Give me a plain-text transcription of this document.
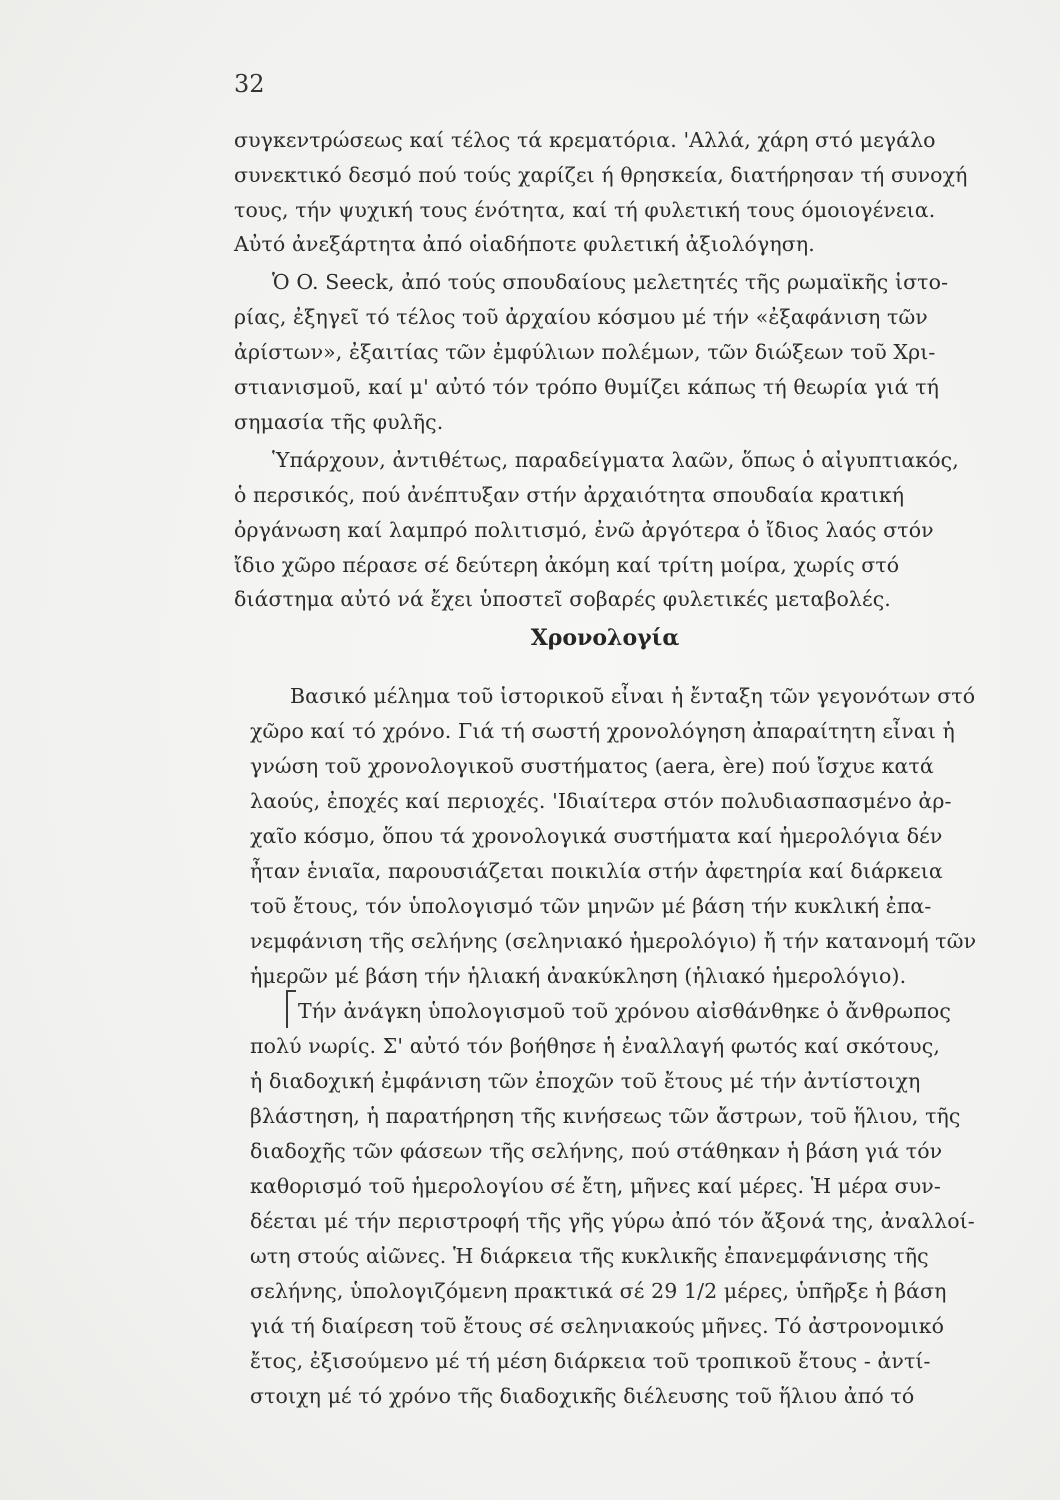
32
συγκεντρώσεως καί τέλος τά κρεματόρια. 'Αλλά, χάρη στό μεγάλο
συνεκτικό δεσμό πού τούς χαρίζει ή θρησκεία, διατήρησαν τή συνοχή
τους, τήν ψυχική τους ένότητα, καί τή φυλετική τους όμοιογένεια.
Αὐτό ἀνεξάρτητα ἀπό οἱαδήποτε φυλετική ἀξιολόγηση.
Ὁ O. Seeck, ἀπό τούς σπουδαίους μελετητές τῆς ρωμαϊκῆς ἱστο-
ρίας, ἐξηγεῖ τό τέλος τοῦ ἀρχαίου κόσμου μέ τήν «ἐξαφάνιση τῶν
ἀρίστων», ἐξαιτίας τῶν ἐμφύλιων πολέμων, τῶν διώξεων τοῦ Χρι-
στιανισμοῦ, καί μ' αὐτό τόν τρόπο θυμίζει κάπως τή θεωρία γιά τή
σημασία τῆς φυλῆς.
Ὑπάρχουν, ἀντιθέτως, παραδείγματα λαῶν, ὅπως ὁ αἰγυπτιακός,
ὁ περσικός, πού ἀνέπτυξαν στήν ἀρχαιότητα σπουδαία κρατική
ὀργάνωση καί λαμπρό πολιτισμό, ἐνῶ ἀργότερα ὁ ἴδιος λαός στόν
ἴδιο χῶρο πέρασε σέ δεύτερη ἀκόμη καί τρίτη μοίρα, χωρίς στό
διάστημα αὐτό νά ἔχει ὑποστεῖ σοβαρές φυλετικές μεταβολές.
Χρονολογία
Βασικό μέλημα τοῦ ἱστορικοῦ εἶναι ἡ ἔνταξη τῶν γεγονότων στό
χῶρο καί τό χρόνο. Γιά τή σωστή χρονολόγηση ἀπαραίτητη εἶναι ἡ
γνώση τοῦ χρονολογικοῦ συστήματος (aera, ère) πού ἴσχυε κατά
λαούς, ἐποχές καί περιοχές. 'Ιδιαίτερα στόν πολυδιασπασμένο ἀρ-
χαῖο κόσμο, ὅπου τά χρονολογικά συστήματα καί ἡμερολόγια δέν
ἦταν ἑνιαῖα, παρουσιάζεται ποικιλία στήν ἀφετηρία καί διάρκεια
τοῦ ἔτους, τόν ὑπολογισμό τῶν μηνῶν μέ βάση τήν κυκλική ἐπα-
νεμφάνιση τῆς σελήνης (σεληνιακό ἡμερολόγιο) ἤ τήν κατανομή τῶν
ἡμερῶν μέ βάση τήν ἡλιακή ἀνακύκληση (ἡλιακό ἡμερολόγιο).
Τήν ἀνάγκη ὑπολογισμοῦ τοῦ χρόνου αἰσθάνθηκε ὁ ἄνθρωπος
πολύ νωρίς. Σ' αὐτό τόν βοήθησε ἡ ἐναλλαγή φωτός καί σκότους,
ἡ διαδοχική ἐμφάνιση τῶν ἐποχῶν τοῦ ἔτους μέ τήν ἀντίστοιχη
βλάστηση, ἡ παρατήρηση τῆς κινήσεως τῶν ἄστρων, τοῦ ἥλιου, τῆς
διαδοχῆς τῶν φάσεων τῆς σελήνης, πού στάθηκαν ἡ βάση γιά τόν
καθορισμό τοῦ ἡμερολογίου σέ ἔτη, μῆνες καί μέρες. Ἡ μέρα συν-
δέεται μέ τήν περιστροφή τῆς γῆς γύρω ἀπό τόν ἄξονά της, ἀναλλοί-
ωτη στούς αἰῶνες. Ἡ διάρκεια τῆς κυκλικῆς ἐπανεμφάνισης τῆς
σελήνης, ὑπολογιζόμενη πρακτικά σέ 29 1/2 μέρες, ὑπῆρξε ἡ βάση
γιά τή διαίρεση τοῦ ἔτους σέ σεληνιακούς μῆνες. Τό ἀστρονομικό
ἔτος, ἐξισούμενο μέ τή μέση διάρκεια τοῦ τροπικοῦ ἔτους - ἀντί-
στοιχη μέ τό χρόνο τῆς διαδοχικῆς διέλευσης τοῦ ἥλιου ἀπό τό
